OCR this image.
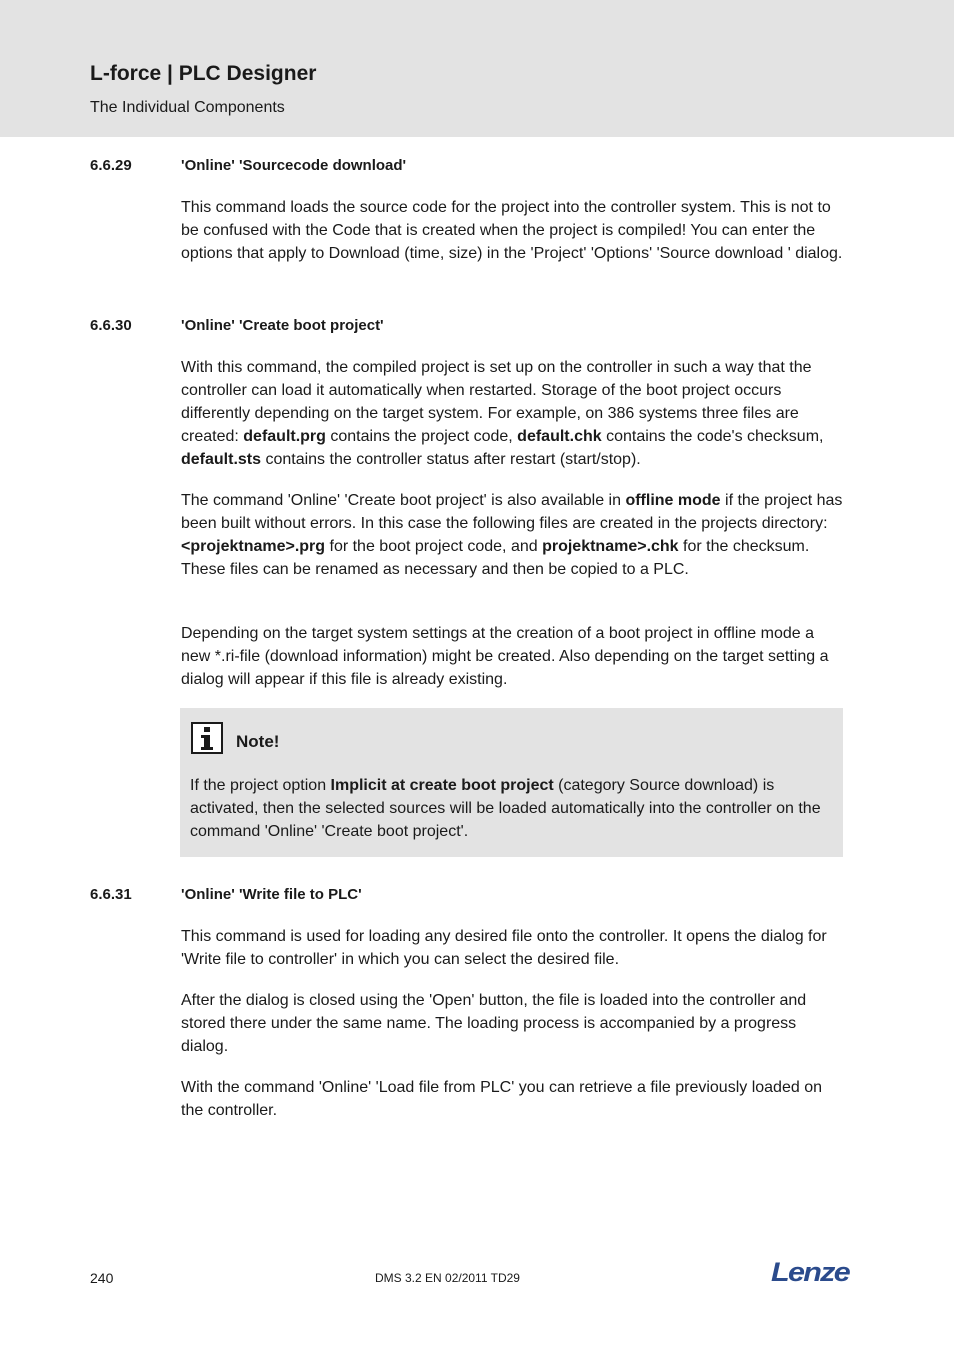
L-force | PLC Designer

The Individual Components

6.6.29	'Online' 'Sourcecode download'

This command loads the source code for the project into the controller system. This is not to be confused with the Code that is created when the project is compiled! You can enter the options that apply to Download (time, size) in the 'Project' 'Options' 'Source download ' dialog.

6.6.30	'Online' 'Create boot project'

With this command, the compiled project is set up on the controller in such a way that the controller can load it automatically when restarted. Storage of the boot project occurs differently depending on the target system. For example, on 386 systems three files are created: default.prg contains the project code, default.chk contains the code's checksum, default.sts contains the controller status after restart (start/stop).

The command 'Online' 'Create boot project' is also available in offline mode if the project has been built without errors. In this case the following files are created in the projects directory: <projektname>.prg for the boot project code, and projektname>.chk for the checksum. These files can be renamed as necessary and then be copied to a PLC.

Depending on the target system settings at the creation of a boot project in offline mode a new *.ri-file (download information) might be created. Also depending on the target setting a dialog will appear if this file is already existing.

Note!

If the project option Implicit at create boot project (category Source download) is activated, then the selected sources will be loaded automatically into the controller on the command 'Online' 'Create boot project'.

6.6.31	'Online' 'Write file to PLC'

This command is used for loading any desired file onto the controller. It opens the dialog for 'Write file to controller' in which you can select the desired file.

After the dialog is closed using the 'Open' button, the file is loaded into the controller and stored there under the same name. The loading process is accompanied by a progress dialog.

With the command 'Online' 'Load file from PLC' you can retrieve a file previously loaded on the controller.

240	DMS 3.2 EN 02/2011 TD29	Lenze
